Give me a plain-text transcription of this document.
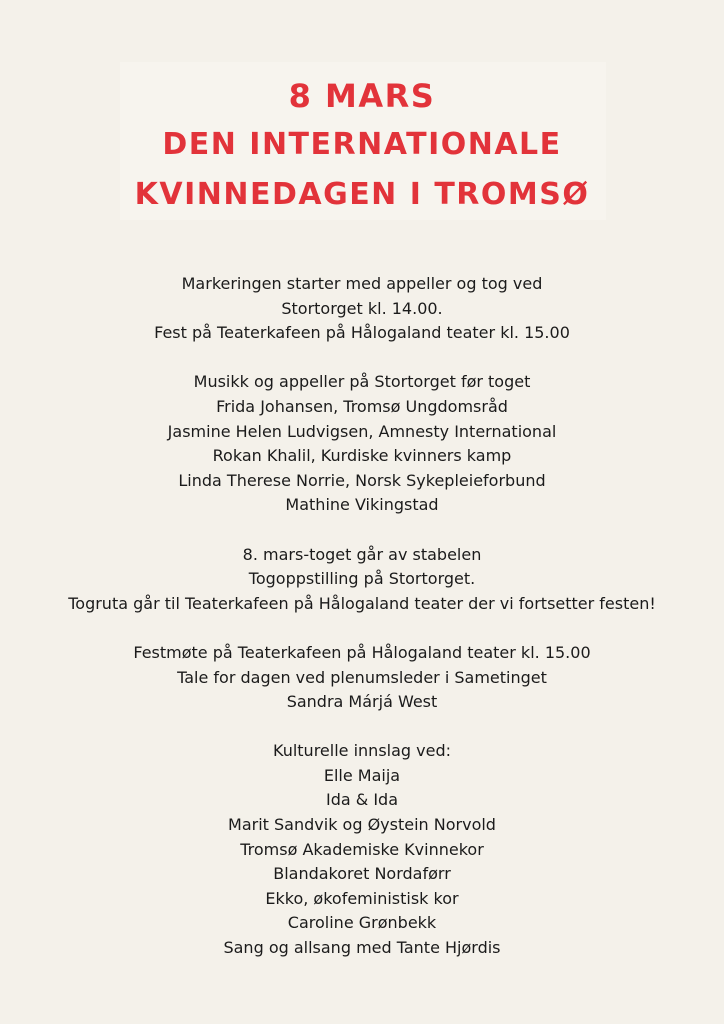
8 MARS
DEN INTERNATIONALE
KVINNEDAGEN I TROMSØ

Markeringen starter med appeller og tog ved

Stortorget kl. 14.00.

Fest på Teaterkafeen på Hålogaland teater kl. 15.00

Musikk og appeller på Stortorget før toget

Frida Johansen, Tromsø Ungdomsråd

Jasmine Helen Ludvigsen, Amnesty International

Rokan Khalil, Kurdiske kvinners kamp

Linda Therese Norrie, Norsk Sykepleieforbund

Mathine Vikingstad

8. mars-toget går av stabelen

Togoppstilling på Stortorget.

Togruta går til Teaterkafeen på Hålogaland teater der vi fortsetter festen!

Festmøte på Teaterkafeen på Hålogaland teater kl. 15.00

Tale for dagen ved plenumsleder i Sametinget

Sandra Márjá West

Kulturelle innslag ved:

Elle Maija

Ida & Ida

Marit Sandvik og Øystein Norvold

Tromsø Akademiske Kvinnekor

Blandakoret Nordaførr

Ekko, økofeministisk kor

Caroline Grønbekk

Sang og allsang med Tante Hjørdis
